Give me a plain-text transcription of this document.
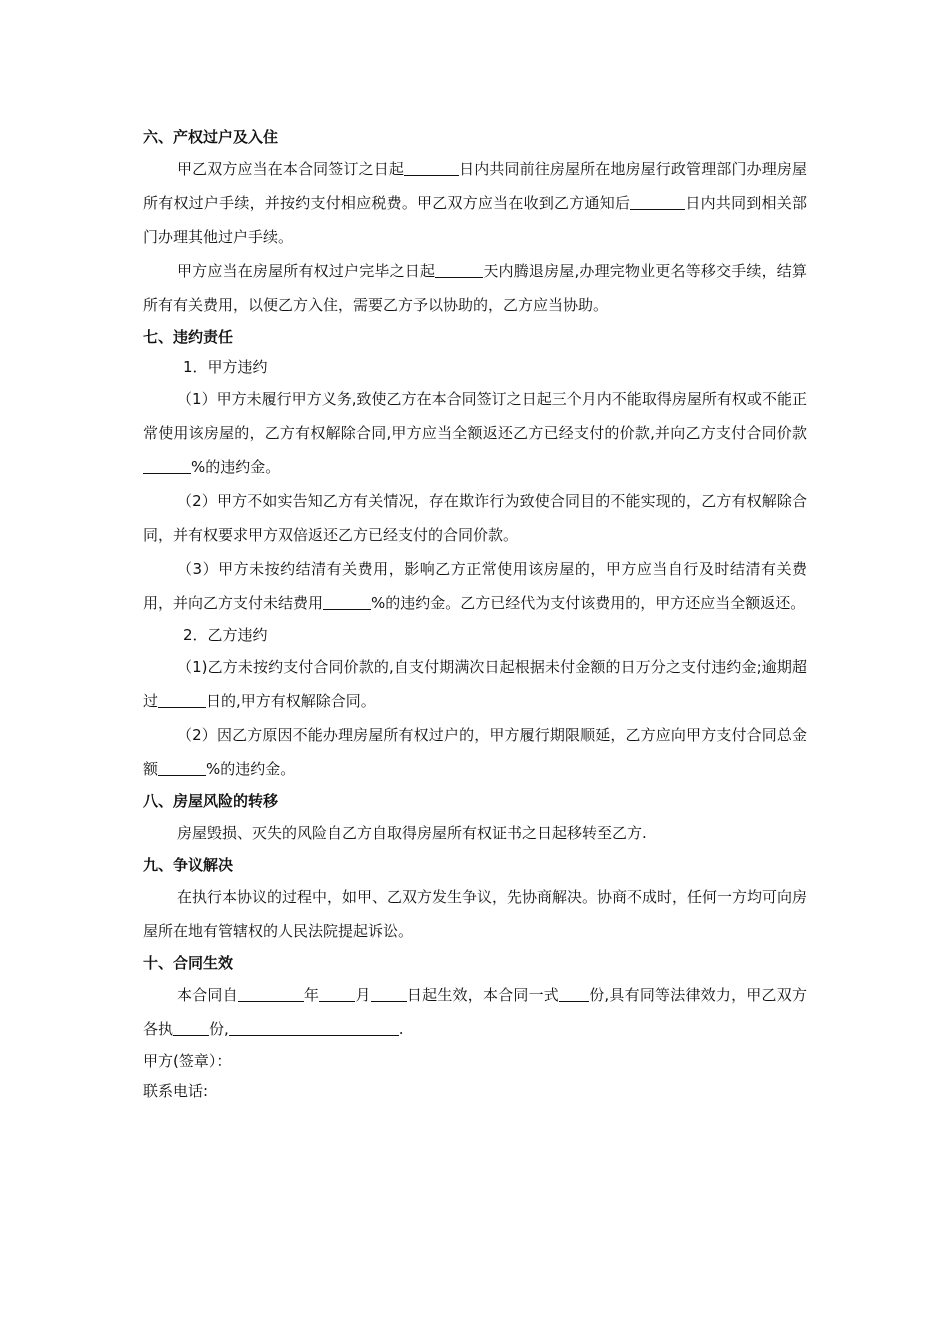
六、产权过户及入住

甲乙双方应当在本合同签订之日起	日内共同前往房屋所在地房屋行政管理部门办理房屋所有权过户手续，并按约支付相应税费。甲乙双方应当在收到乙方通知后	日内共同到相关部门办理其他过户手续。

甲方应当在房屋所有权过户完毕之日起	天内腾退房屋,办理完物业更名等移交手续，结算所有有关费用，以便乙方入住，需要乙方予以协助的，乙方应当协助。

七、违约责任

1．甲方违约

（1）甲方未履行甲方义务,致使乙方在本合同签订之日起三个月内不能取得房屋所有权或不能正常使用该房屋的，乙方有权解除合同,甲方应当全额返还乙方已经支付的价款,并向乙方支付合同价款%的违约金。

（2）甲方不如实告知乙方有关情况，存在欺诈行为致使合同目的不能实现的，乙方有权解除合同，并有权要求甲方双倍返还乙方已经支付的合同价款。

（3）甲方未按约结清有关费用，影响乙方正常使用该房屋的，甲方应当自行及时结清有关费用，并向乙方支付未结费用	%的违约金。乙方已经代为支付该费用的，甲方还应当全额返还。

2．乙方违约

（1)乙方未按约支付合同价款的,自支付期满次日起根据未付金额的日万分之支付违约金;逾期超过	日的,甲方有权解除合同。

（2）因乙方原因不能办理房屋所有权过户的，甲方履行期限顺延，乙方应向甲方支付合同总金额	%的违约金。

八、房屋风险的转移

房屋毁损、灭失的风险自乙方自取得房屋所有权证书之日起移转至乙方.

九、争议解决

在执行本协议的过程中，如甲、乙双方发生争议，先协商解决。协商不成时，任何一方均可向房屋所在地有管辖权的人民法院提起诉讼。

十、合同生效

本合同自	年 月 日起生效，本合同一式 份,具有同等法律效力，甲乙双方各执 份,	.

甲方(签章）：

联系电话:
